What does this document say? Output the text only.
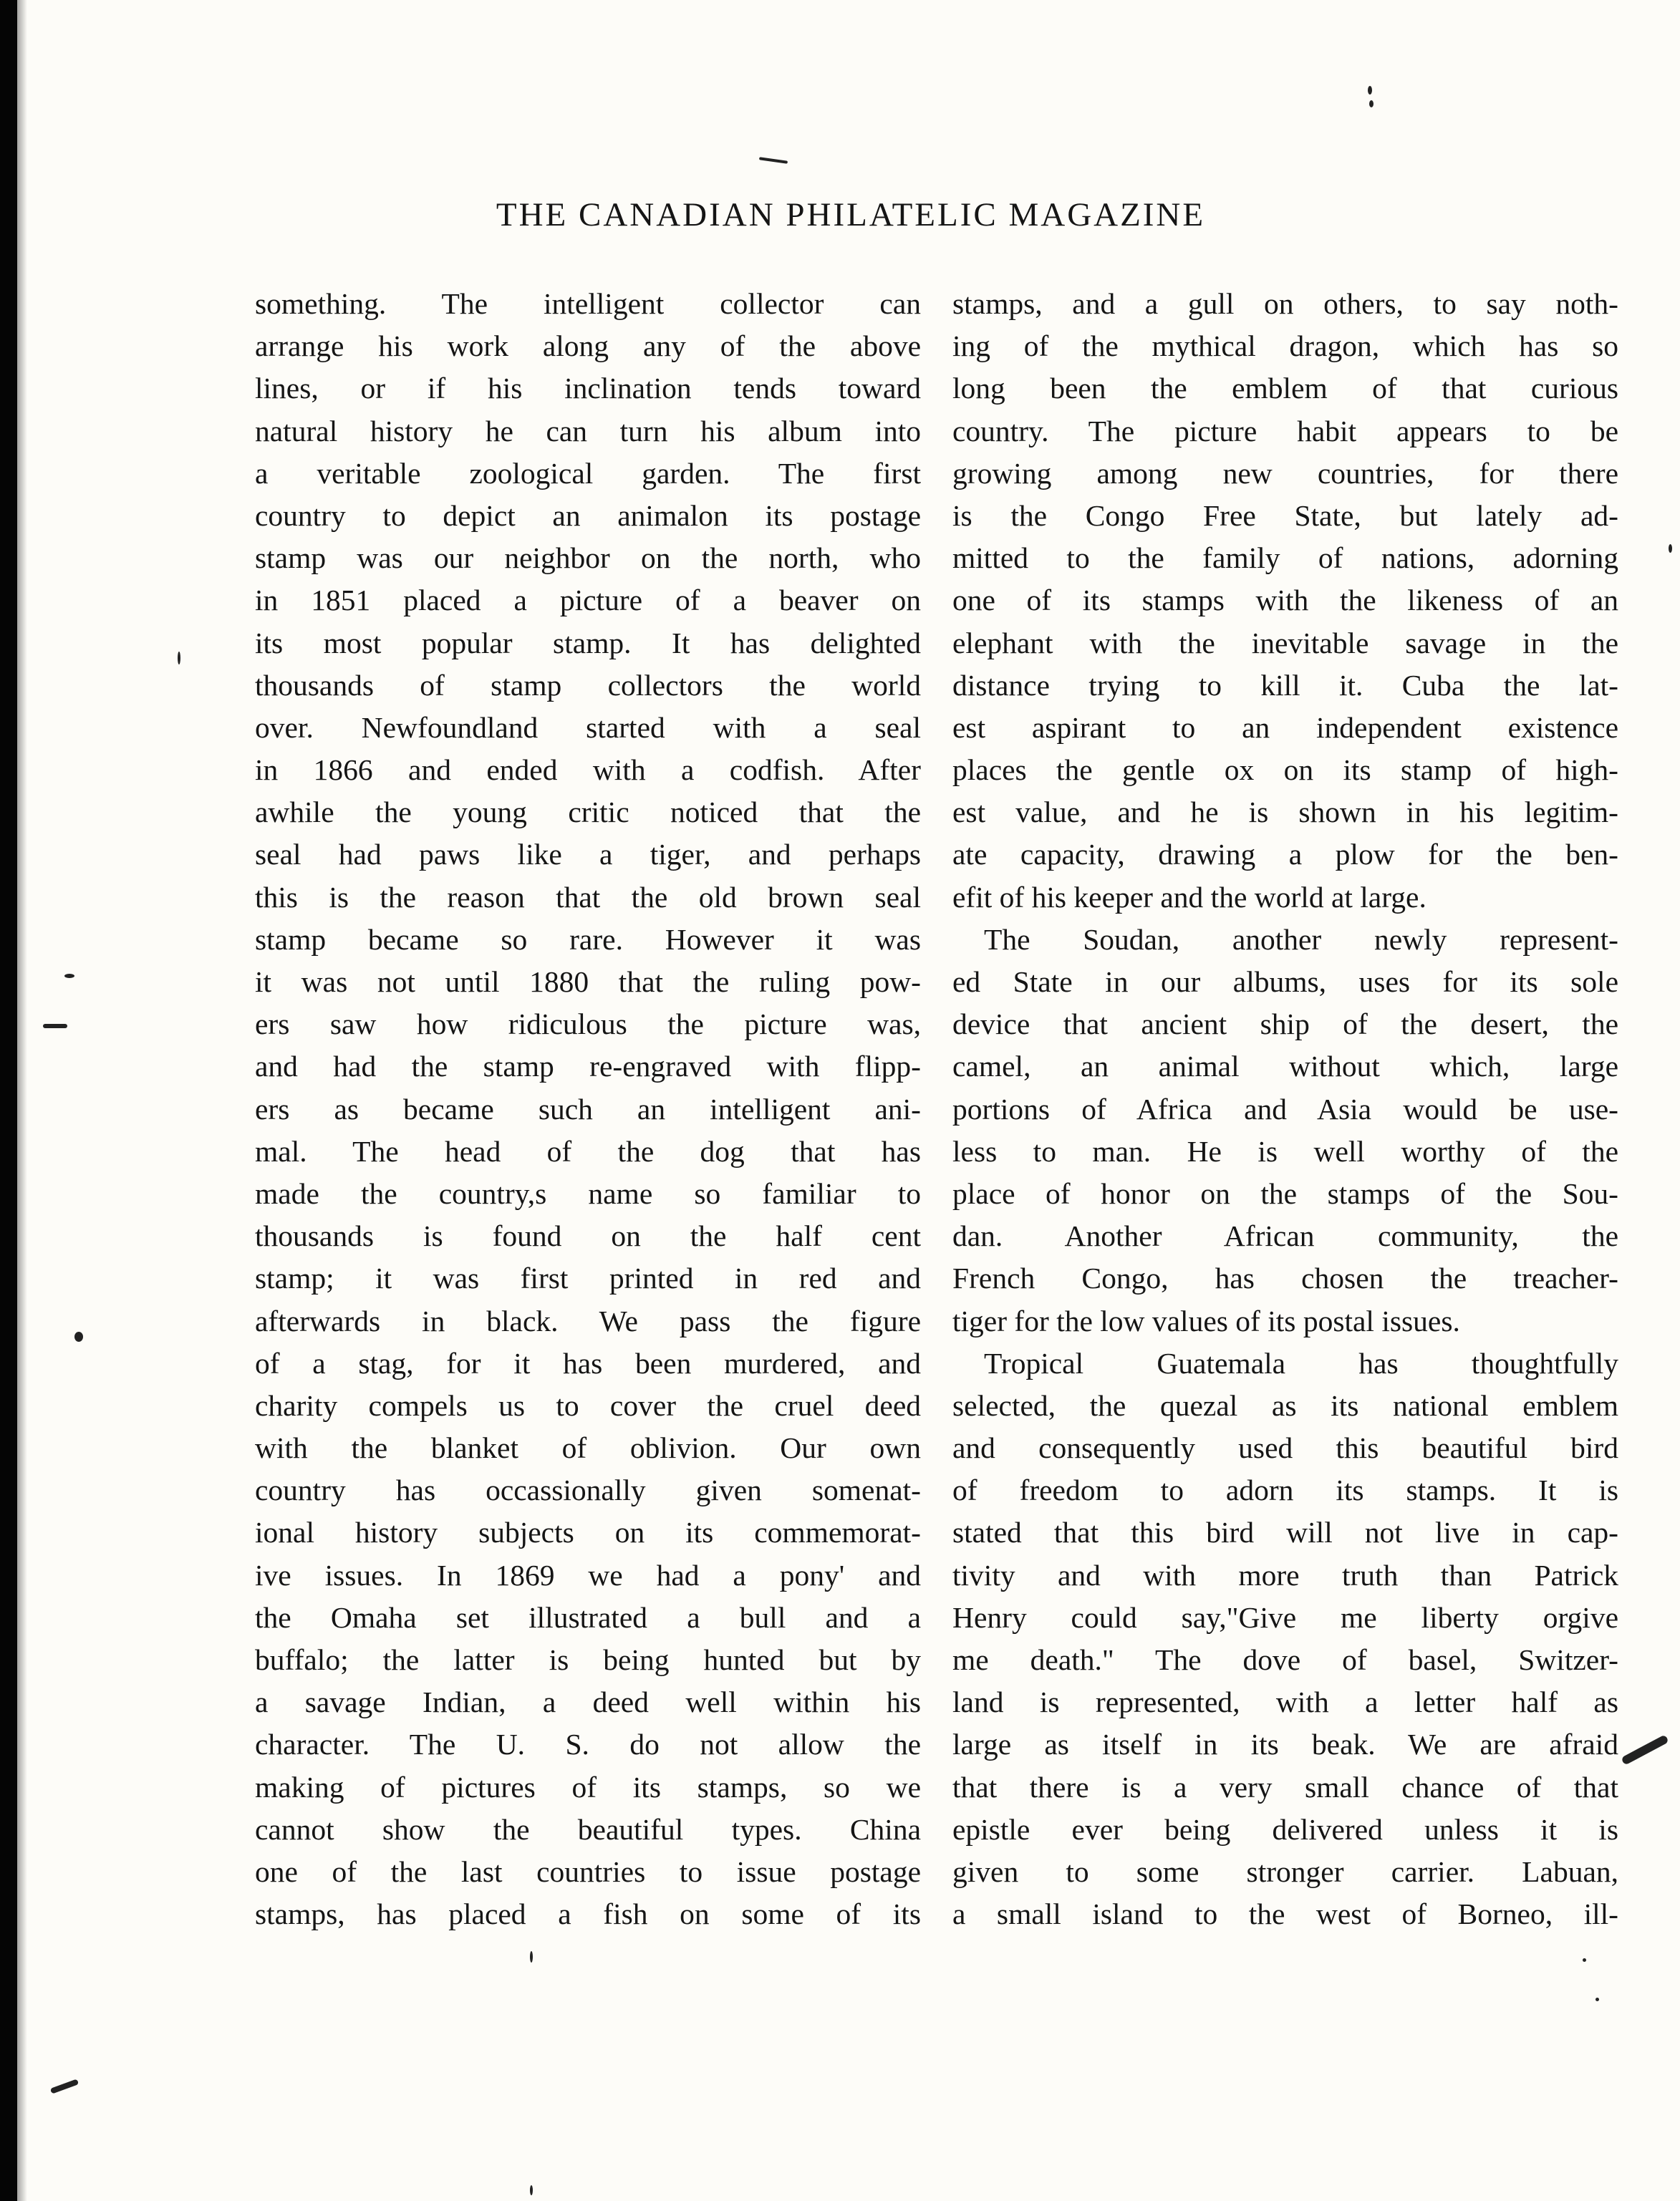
THE CANADIAN PHILATELIC MAGAZINE
something. The intelligent collector can
arrange his work along any of the above
lines, or if his inclination tends toward
natural history he can turn his album into
a veritable zoological garden. The first
country to depict an animalon its postage
stamp was our neighbor on the north, who
in 1851 placed a picture of a beaver on
its most popular stamp. It has delighted
thousands of stamp collectors the world
over. Newfoundland started with a seal
in 1866 and ended with a codfish. After
awhile the young critic noticed that the
seal had paws like a tiger, and perhaps
this is the reason that the old brown seal
stamp became so rare. However it was
it was not until 1880 that the ruling pow-
ers saw how ridiculous the picture was,
and had the stamp re-engraved with flipp-
ers as became such an intelligent ani-
mal. The head of the dog that has
made the country,s name so familiar to
thousands is found on the half cent
stamp; it was first printed in red and
afterwards in black. We pass the figure
of a stag, for it has been murdered, and
charity compels us to cover the cruel deed
with the blanket of oblivion. Our own
country has occassionally given somenat-
ional history subjects on its commemorat-
ive issues. In 1869 we had a pony' and
the Omaha set illustrated a bull and a
buffalo; the latter is being hunted but by
a savage Indian, a deed well within his
character. The U. S. do not allow the
making of pictures of its stamps, so we
cannot show the beautiful types. China
one of the last countries to issue postage
stamps, has placed a fish on some of its
stamps, and a gull on others, to say noth-
ing of the mythical dragon, which has so
long been the emblem of that curious
country. The picture habit appears to be
growing among new countries, for there
is the Congo Free State, but lately ad-
mitted to the family of nations, adorning
one of its stamps with the likeness of an
elephant with the inevitable savage in the
distance trying to kill it. Cuba the lat-
est aspirant to an independent existence
places the gentle ox on its stamp of high-
est value, and he is shown in his legitim-
ate capacity, drawing a plow for the ben-
efit of his keeper and the world at large.
The Soudan, another newly represent-
ed State in our albums, uses for its sole
device that ancient ship of the desert, the
camel, an animal without which, large
portions of Africa and Asia would be use-
less to man. He is well worthy of the
place of honor on the stamps of the Sou-
dan. Another African community, the
French Congo, has chosen the treacher-
tiger for the low values of its postal issues.
Tropical Guatemala has thoughtfully
selected, the quezal as its national emblem
and consequently used this beautiful bird
of freedom to adorn its stamps. It is
stated that this bird will not live in cap-
tivity and with more truth than Patrick
Henry could say,"Give me liberty orgive
me death." The dove of basel, Switzer-
land is represented, with a letter half as
large as itself in its beak. We are afraid
that there is a very small chance of that
epistle ever being delivered unless it is
given to some stronger carrier. Labuan,
a small island to the west of Borneo, ill-
